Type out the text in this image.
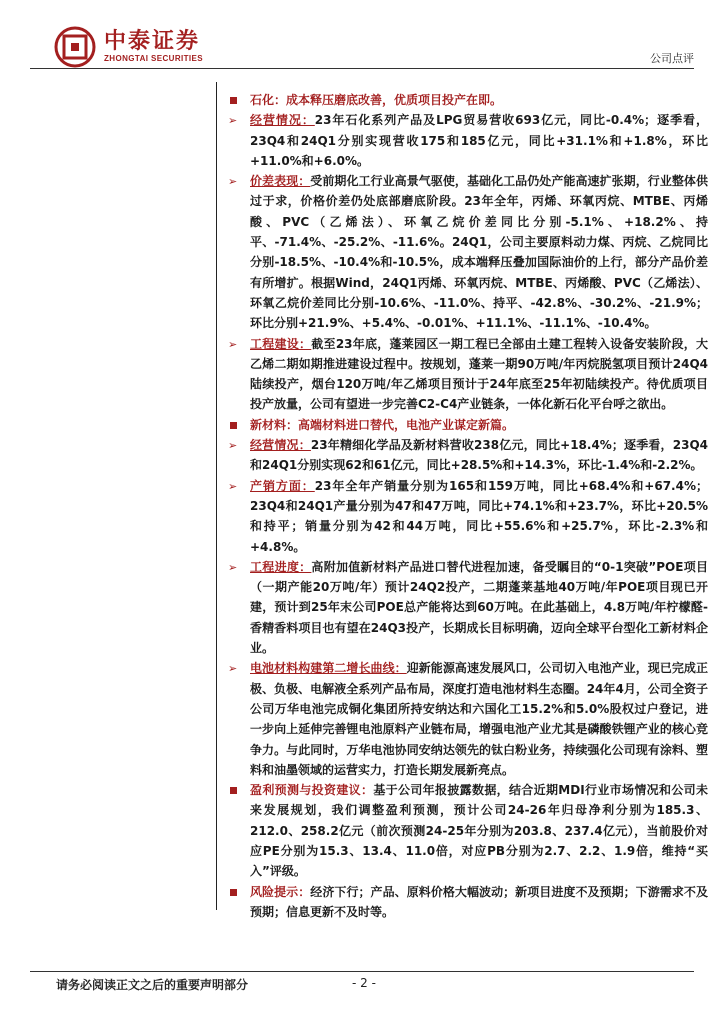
中泰证券
ZHONGTAI SECURITIES	公司点评
石化：成本释压磨底改善，优质项目投产在即。
➢	经营情况：23年石化系列产品及LPG贸易营收693亿元，同比-0.4%；逐季看，23Q4和24Q1分别实现营收175和185亿元，同比+31.1%和+1.8%，环比+11.0%和+6.0%。
➢	价差表现：受前期化工行业高景气驱使，基础化工品仍处产能高速扩张期，行业整体供过于求，价格价差仍处底部磨底阶段。23年全年，丙烯、环氧丙烷、MTBE、丙烯酸、PVC（乙烯法）、环氧乙烷价差同比分别-5.1%、+18.2%、持平、-71.4%、-25.2%、-11.6%。24Q1，公司主要原料动力煤、丙烷、乙烷同比分别-18.5%、-10.4%和-10.5%，成本端释压叠加国际油价的上行，部分产品价差有所增扩。根据Wind，24Q1丙烯、环氧丙烷、MTBE、丙烯酸、PVC（乙烯法）、环氧乙烷价差同比分别-10.6%、-11.0%、持平、-42.8%、-30.2%、-21.9%；环比分别+21.9%、+5.4%、-0.01%、+11.1%、-11.1%、-10.4%。
➢	工程建设：截至23年底，蓬莱园区一期工程已全部由土建工程转入设备安装阶段，大乙烯二期如期推进建设过程中。按规划，蓬莱一期90万吨/年丙烷脱氢项目预计24Q4陆续投产，烟台120万吨/年乙烯项目预计于24年底至25年初陆续投产。待优质项目投产放量，公司有望进一步完善C2-C4产业链条，一体化新石化平台呼之欲出。
新材料：高端材料进口替代，电池产业谋定新篇。
➢	经营情况：23年精细化学品及新材料营收238亿元，同比+18.4%；逐季看，23Q4和24Q1分别实现62和61亿元，同比+28.5%和+14.3%，环比-1.4%和-2.2%。
➢	产销方面：23年全年产销量分别为165和159万吨，同比+68.4%和+67.4%；23Q4和24Q1产量分别为47和47万吨，同比+74.1%和+23.7%，环比+20.5%和持平；销量分别为42和44万吨，同比+55.6%和+25.7%，环比-2.3%和+4.8%。
➢	工程进度：高附加值新材料产品进口替代进程加速，备受瞩目的“0-1突破”POE项目（一期产能20万吨/年）预计24Q2投产，二期蓬莱基地40万吨/年POE项目现已开建，预计到25年末公司POE总产能将达到60万吨。在此基础上，4.8万吨/年柠檬醛-香精香料项目也有望在24Q3投产，长期成长目标明确，迈向全球平台型化工新材料企业。
➢	电池材料构建第二增长曲线：迎新能源高速发展风口，公司切入电池产业，现已完成正极、负极、电解液全系列产品布局，深度打造电池材料生态圈。24年4月，公司全资子公司万华电池完成铜化集团所持安纳达和六国化工15.2%和5.0%股权过户登记，进一步向上延伸完善锂电池原料产业链布局，增强电池产业尤其是磷酸铁锂产业的核心竞争力。与此同时，万华电池协同安纳达领先的钛白粉业务，持续强化公司现有涂料、塑料和油墨领域的运营实力，打造长期发展新亮点。
盈利预测与投资建议：基于公司年报披露数据，结合近期MDI行业市场情况和公司未来发展规划，我们调整盈利预测，预计公司24-26年归母净利分别为185.3、212.0、258.2亿元（前次预测24-25年分别为203.8、237.4亿元），当前股价对应PE分别为15.3、13.4、11.0倍，对应PB分别为2.7、2.2、1.9倍，维持“买入”评级。
风险提示：经济下行；产品、原料价格大幅波动；新项目进度不及预期；下游需求不及预期；信息更新不及时等。
请务必阅读正文之后的重要声明部分	- 2 -
